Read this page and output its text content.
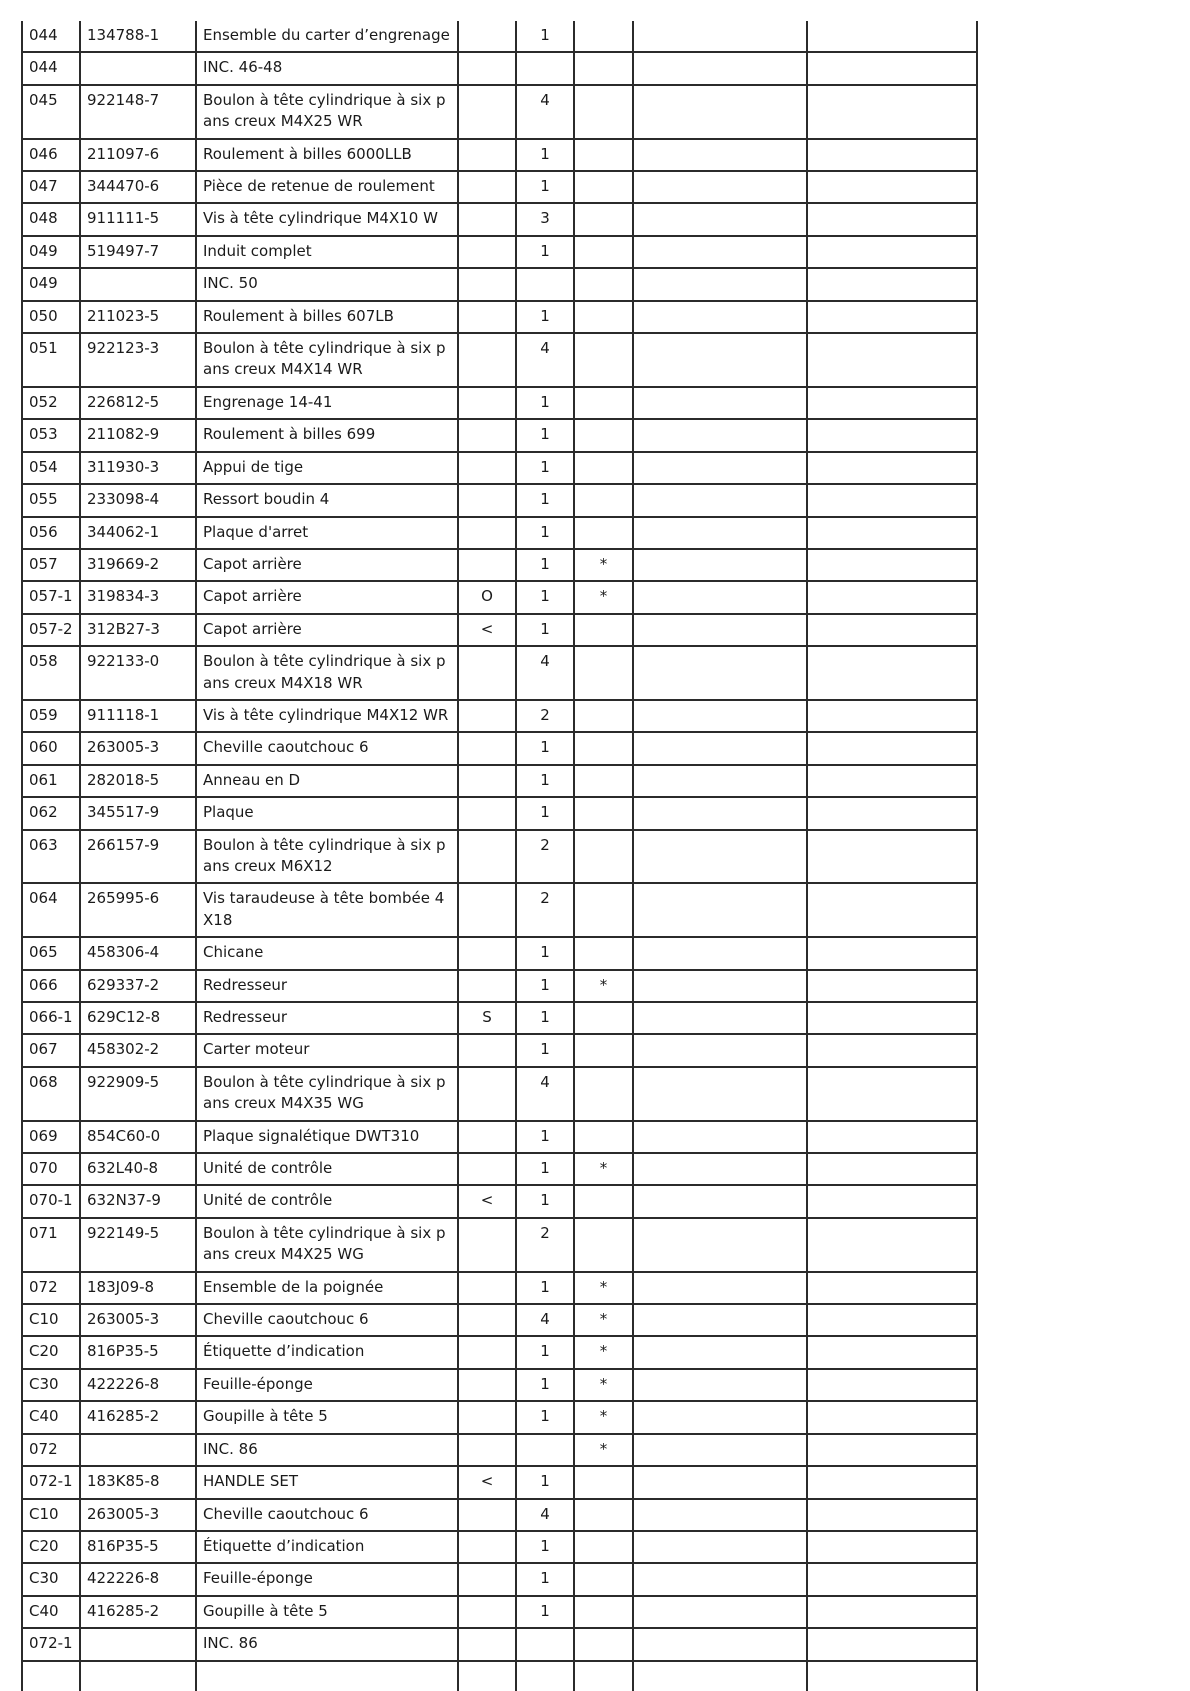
044	134788-1	Ensemble du carter d’engrenage		1			
044		INC. 46-48					
045	922148-7	Boulon à tête cylindrique à six pans creux M4X25 WR		4			
046	211097-6	Roulement à billes 6000LLB		1			
047	344470-6	Pièce de retenue de roulement		1			
048	911111-5	Vis à tête cylindrique M4X10 W		3			
049	519497-7	Induit complet		1			
049		INC. 50					
050	211023-5	Roulement à billes 607LB		1			
051	922123-3	Boulon à tête cylindrique à six pans creux M4X14 WR		4			
052	226812-5	Engrenage 14-41		1			
053	211082-9	Roulement à billes 699		1			
054	311930-3	Appui de tige		1			
055	233098-4	Ressort boudin 4		1			
056	344062-1	Plaque d'arret		1			
057	319669-2	Capot arrière		1	*		
057-1	319834-3	Capot arrière	O	1	*		
057-2	312B27-3	Capot arrière	<	1			
058	922133-0	Boulon à tête cylindrique à six pans creux M4X18 WR		4			
059	911118-1	Vis à tête cylindrique M4X12 WR		2			
060	263005-3	Cheville caoutchouc 6		1			
061	282018-5	Anneau en D		1			
062	345517-9	Plaque		1			
063	266157-9	Boulon à tête cylindrique à six pans creux M6X12		2			
064	265995-6	Vis taraudeuse à tête bombée 4X18		2			
065	458306-4	Chicane		1			
066	629337-2	Redresseur		1	*		
066-1	629C12-8	Redresseur	S	1			
067	458302-2	Carter moteur		1			
068	922909-5	Boulon à tête cylindrique à six pans creux M4X35 WG		4			
069	854C60-0	Plaque signalétique DWT310		1			
070	632L40-8	Unité de contrôle		1	*		
070-1	632N37-9	Unité de contrôle	<	1			
071	922149-5	Boulon à tête cylindrique à six pans creux M4X25 WG		2			
072	183J09-8	Ensemble de la poignée		1	*		
C10	263005-3	Cheville caoutchouc 6		4	*		
C20	816P35-5	Étiquette d’indication		1	*		
C30	422226-8	Feuille-éponge		1	*		
C40	416285-2	Goupille à tête 5		1	*		
072		INC. 86			*		
072-1	183K85-8	HANDLE SET	<	1			
C10	263005-3	Cheville caoutchouc 6		4			
C20	816P35-5	Étiquette d’indication		1			
C30	422226-8	Feuille-éponge		1			
C40	416285-2	Goupille à tête 5		1			
072-1		INC. 86					
